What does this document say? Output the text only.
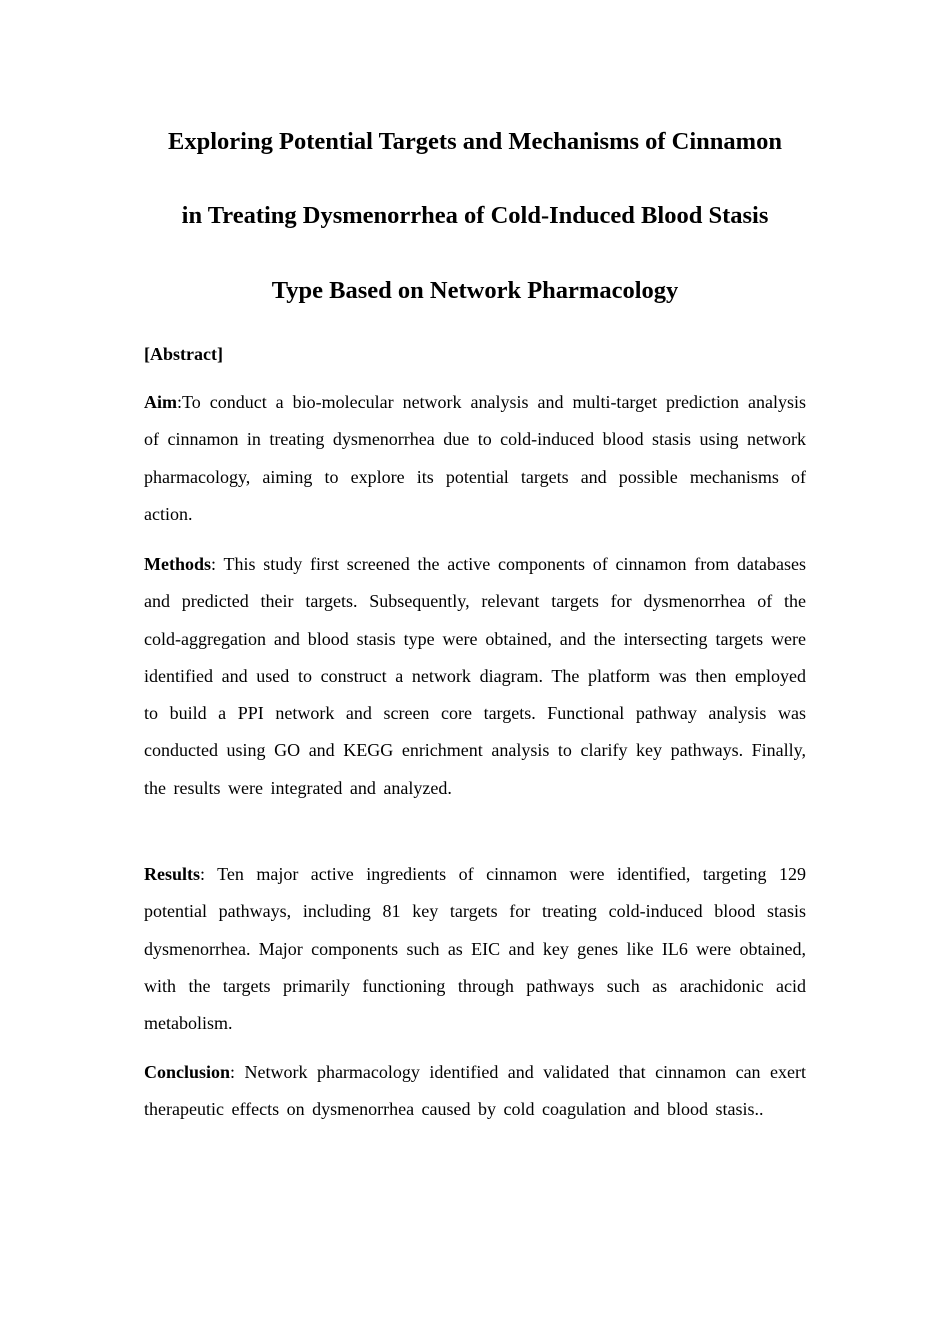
Exploring Potential Targets and Mechanisms of Cinnamon
in Treating Dysmenorrhea of Cold-Induced Blood Stasis
Type Based on Network Pharmacology
[Abstract]

Aim:To conduct a bio-molecular network analysis and multi-target prediction analysis of cinnamon in treating dysmenorrhea due to cold-induced blood stasis using network pharmacology, aiming to explore its potential targets and possible mechanisms of action.

Methods: This study first screened the active components of cinnamon from databases and predicted their targets. Subsequently, relevant targets for dysmenorrhea of the cold-aggregation and blood stasis type were obtained, and the intersecting targets were identified and used to construct a network diagram. The platform was then employed to build a PPI network and screen core targets. Functional pathway analysis was conducted using GO and KEGG enrichment analysis to clarify key pathways. Finally, the results were integrated and analyzed.

Results: Ten major active ingredients of cinnamon were identified, targeting 129 potential pathways, including 81 key targets for treating cold-induced blood stasis dysmenorrhea. Major components such as EIC and key genes like IL6 were obtained, with the targets primarily functioning through pathways such as arachidonic acid metabolism.

Conclusion: Network pharmacology identified and validated that cinnamon can exert therapeutic effects on dysmenorrhea caused by cold coagulation and blood stasis..
